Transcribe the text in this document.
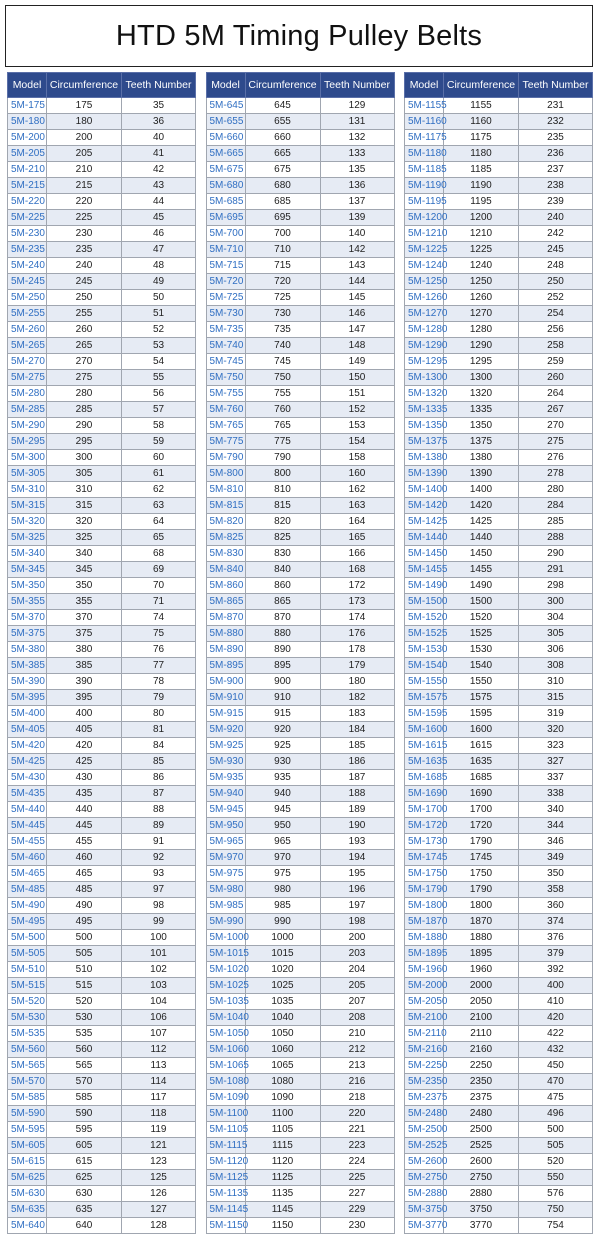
HTD 5M Timing Pulley Belts
Model	Circumference	Teeth Number
5M-175	175	35
5M-180	180	36
5M-200	200	40
5M-205	205	41
5M-210	210	42
5M-215	215	43
5M-220	220	44
5M-225	225	45
5M-230	230	46
5M-235	235	47
5M-240	240	48
5M-245	245	49
5M-250	250	50
5M-255	255	51
5M-260	260	52
5M-265	265	53
5M-270	270	54
5M-275	275	55
5M-280	280	56
5M-285	285	57
5M-290	290	58
5M-295	295	59
5M-300	300	60
5M-305	305	61
5M-310	310	62
5M-315	315	63
5M-320	320	64
5M-325	325	65
5M-340	340	68
5M-345	345	69
5M-350	350	70
5M-355	355	71
5M-370	370	74
5M-375	375	75
5M-380	380	76
5M-385	385	77
5M-390	390	78
5M-395	395	79
5M-400	400	80
5M-405	405	81
5M-420	420	84
5M-425	425	85
5M-430	430	86
5M-435	435	87
5M-440	440	88
5M-445	445	89
5M-455	455	91
5M-460	460	92
5M-465	465	93
5M-485	485	97
5M-490	490	98
5M-495	495	99
5M-500	500	100
5M-505	505	101
5M-510	510	102
5M-515	515	103
5M-520	520	104
5M-530	530	106
5M-535	535	107
5M-560	560	112
5M-565	565	113
5M-570	570	114
5M-585	585	117
5M-590	590	118
5M-595	595	119
5M-605	605	121
5M-615	615	123
5M-625	625	125
5M-630	630	126
5M-635	635	127
5M-640	640	128
Model	Circumference	Teeth Number
5M-645	645	129
5M-655	655	131
5M-660	660	132
5M-665	665	133
5M-675	675	135
5M-680	680	136
5M-685	685	137
5M-695	695	139
5M-700	700	140
5M-710	710	142
5M-715	715	143
5M-720	720	144
5M-725	725	145
5M-730	730	146
5M-735	735	147
5M-740	740	148
5M-745	745	149
5M-750	750	150
5M-755	755	151
5M-760	760	152
5M-765	765	153
5M-775	775	154
5M-790	790	158
5M-800	800	160
5M-810	810	162
5M-815	815	163
5M-820	820	164
5M-825	825	165
5M-830	830	166
5M-840	840	168
5M-860	860	172
5M-865	865	173
5M-870	870	174
5M-880	880	176
5M-890	890	178
5M-895	895	179
5M-900	900	180
5M-910	910	182
5M-915	915	183
5M-920	920	184
5M-925	925	185
5M-930	930	186
5M-935	935	187
5M-940	940	188
5M-945	945	189
5M-950	950	190
5M-965	965	193
5M-970	970	194
5M-975	975	195
5M-980	980	196
5M-985	985	197
5M-990	990	198
5M-1000	1000	200
5M-1015	1015	203
5M-1020	1020	204
5M-1025	1025	205
5M-1035	1035	207
5M-1040	1040	208
5M-1050	1050	210
5M-1060	1060	212
5M-1065	1065	213
5M-1080	1080	216
5M-1090	1090	218
5M-1100	1100	220
5M-1105	1105	221
5M-1115	1115	223
5M-1120	1120	224
5M-1125	1125	225
5M-1135	1135	227
5M-1145	1145	229
5M-1150	1150	230
Model	Circumference	Teeth Number
5M-1155	1155	231
5M-1160	1160	232
5M-1175	1175	235
5M-1180	1180	236
5M-1185	1185	237
5M-1190	1190	238
5M-1195	1195	239
5M-1200	1200	240
5M-1210	1210	242
5M-1225	1225	245
5M-1240	1240	248
5M-1250	1250	250
5M-1260	1260	252
5M-1270	1270	254
5M-1280	1280	256
5M-1290	1290	258
5M-1295	1295	259
5M-1300	1300	260
5M-1320	1320	264
5M-1335	1335	267
5M-1350	1350	270
5M-1375	1375	275
5M-1380	1380	276
5M-1390	1390	278
5M-1400	1400	280
5M-1420	1420	284
5M-1425	1425	285
5M-1440	1440	288
5M-1450	1450	290
5M-1455	1455	291
5M-1490	1490	298
5M-1500	1500	300
5M-1520	1520	304
5M-1525	1525	305
5M-1530	1530	306
5M-1540	1540	308
5M-1550	1550	310
5M-1575	1575	315
5M-1595	1595	319
5M-1600	1600	320
5M-1615	1615	323
5M-1635	1635	327
5M-1685	1685	337
5M-1690	1690	338
5M-1700	1700	340
5M-1720	1720	344
5M-1730	1790	346
5M-1745	1745	349
5M-1750	1750	350
5M-1790	1790	358
5M-1800	1800	360
5M-1870	1870	374
5M-1880	1880	376
5M-1895	1895	379
5M-1960	1960	392
5M-2000	2000	400
5M-2050	2050	410
5M-2100	2100	420
5M-2110	2110	422
5M-2160	2160	432
5M-2250	2250	450
5M-2350	2350	470
5M-2375	2375	475
5M-2480	2480	496
5M-2500	2500	500
5M-2525	2525	505
5M-2600	2600	520
5M-2750	2750	550
5M-2880	2880	576
5M-3750	3750	750
5M-3770	3770	754
